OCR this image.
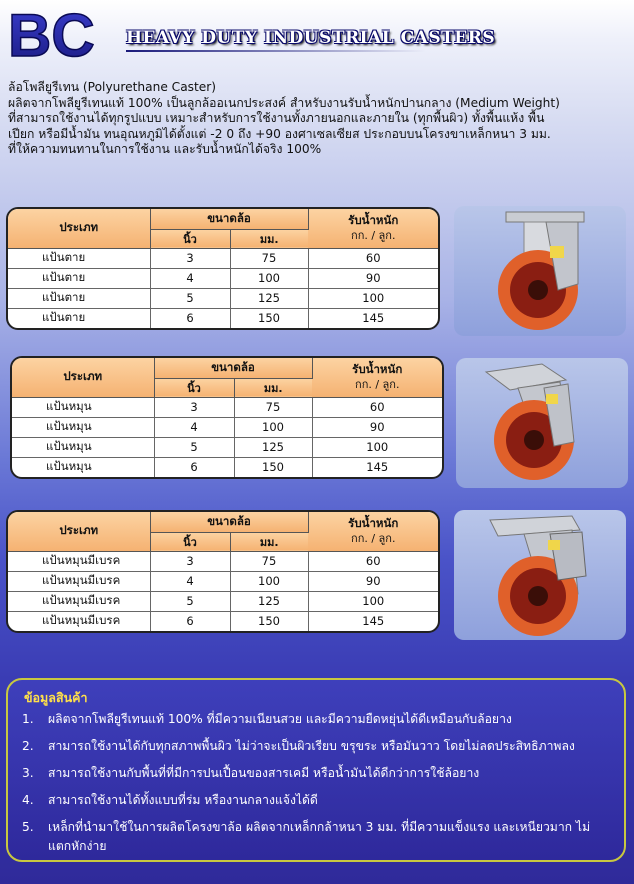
BC HEAVY DUTY INDUSTRIAL CASTERS
ล้อโพลียูรีเทน (Polyurethane Caster)
ผลิตจากโพลียูรีเทนแท้ 100% เป็นลูกล้ออเนกประสงค์ สำหรับงานรับน้ำหนักปานกลาง (Medium Weight)
ที่สามารถใช้งานได้ทุกรูปแบบ เหมาะสำหรับการใช้งานทั้งภายนอกและภายใน (ทุกพื้นผิว) ทั้งพื้นแห้ง พื้น
เปียก หรือมีน้ำมัน ทนอุณหภูมิได้ตั้งแต่ -2 0 ถึง +90 องศาเซลเซียส ประกอบบนโครงขาเหล็กหนา 3 มม.
ที่ให้ความทนทานในการใช้งาน และรับน้ำหนักได้จริง 100%
ประเภท	ขนาดล้อ		รับน้ำหนัก
กก. / ลูก.

	นิ้ว	มม.	
แป้นตาย	3	75	60
แป้นตาย	4	100	90
แป้นตาย	5	125	100
แป้นตาย	6	150	145
ประเภท	ขนาดล้อ		รับน้ำหนัก
กก. / ลูก.

	นิ้ว	มม.	
แป้นหมุน	3	75	60
แป้นหมุน	4	100	90
แป้นหมุน	5	125	100
แป้นหมุน	6	150	145
ประเภท	ขนาดล้อ		รับน้ำหนัก
กก. / ลูก.

	นิ้ว	มม.	
แป้นหมุนมีเบรค	3	75	60
แป้นหมุนมีเบรค	4	100	90
แป้นหมุนมีเบรค	5	125	100
แป้นหมุนมีเบรค	6	150	145
ข้อมูลสินค้า
1.	ผลิตจากโพลียูรีเทนแท้ 100% ที่มีความเนียนสวย และมีความยืดหยุ่นได้ดีเหมือนกับล้อยาง
2.	สามารถใช้งานได้กับทุกสภาพพื้นผิว ไม่ว่าจะเป็นผิวเรียบ ขรุขระ หรือมันวาว โดยไม่ลดประสิทธิภาพลง
3.	สามารถใช้งานกับพื้นที่ที่มีการปนเปื้อนของสารเคมี หรือน้ำมันได้ดีกว่าการใช้ล้อยาง
4.	สามารถใช้งานได้ทั้งแบบที่ร่ม หรืองานกลางแจ้งได้ดี
5.	เหล็กที่นำมาใช้ในการผลิตโครงขาล้อ ผลิตจากเหล็กกล้าหนา 3 มม. ที่มีความแข็งแรง และเหนียวมาก ไม่แตกหักง่าย
